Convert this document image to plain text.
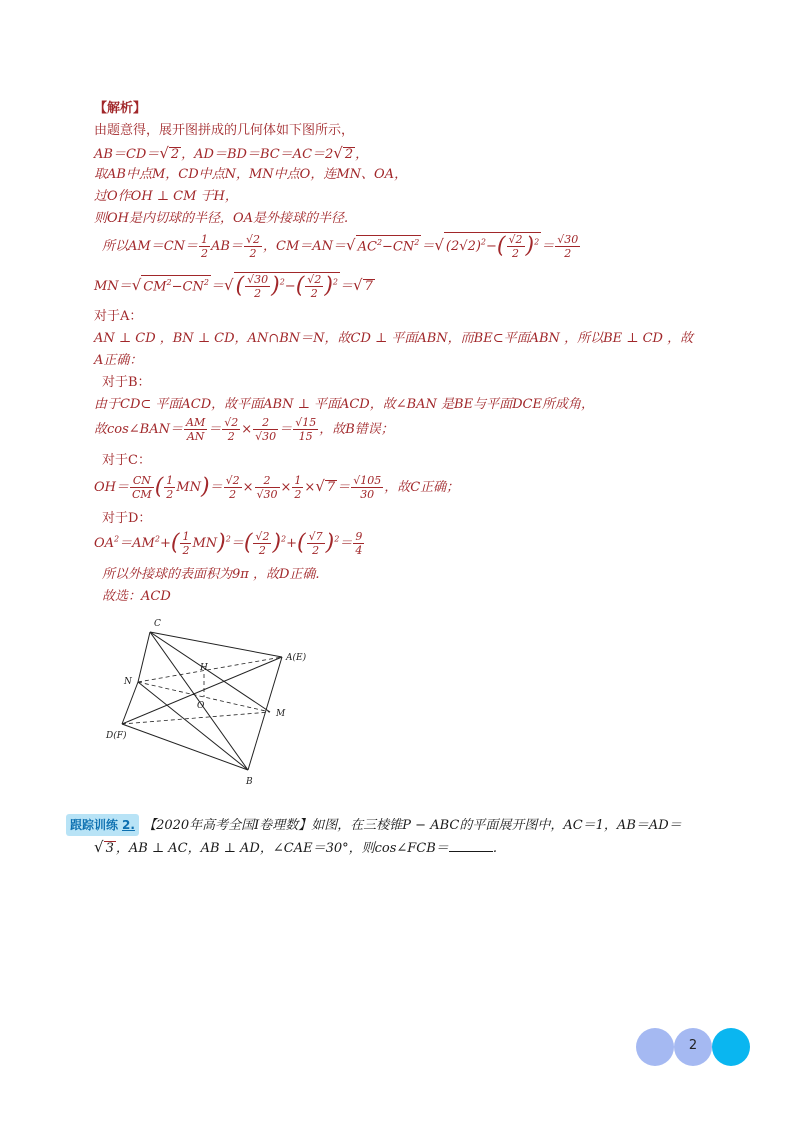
【解析】
由题意得，展开图拼成的几何体如下图所示，
AB＝CD＝√ 2 ，AD＝BD＝BC＝AC＝2√ 2 ，
取AB中点M，CD中点N，MN中点O，连MN、OA，
过O作OH ⊥ CM 于H，
则OH是内切球的半径，OA是外接球的半径.
所以$AM=CN= \frac{1}{2} AB= \frac{√2}{2}$ ，CM＝AN＝√ $AC^2-CN^2$ ＝√ $(2√2)^2-( \frac{√2}{2} )^2 = \frac{√30}{2}$
MN＝√ $CM^2-CN^2$ ＝√( $\frac{√30}{2} )^2-( \frac{√2}{2} )^2$ ＝√ 7
对于A：
AN ⊥ CD ，BN ⊥ CD，AN∩BN＝N，故CD ⊥ 平面ABN，而BE⊂平面ABN ，所以BE ⊥ CD ，故
A正确：
对于B：
由于CD⊂ 平面ACD，故平面ABN ⊥ 平面ACD，故∠BAN 是BE与平面DCE所成角，
故cos∠BAN＝ $\frac{AM}{AN} = \frac{√2}{2} \times \frac{2}{√30} = \frac{√15}{15}$ ，故B错误；
对于C：
$OH= \frac{CN}{CM}$ ( $\frac{1}{2} MN)= \frac{√2}{2} \times \frac{2}{√30} \times \frac{1}{2}$ ×√ $7 = \frac{√105}{30}$ ，故C正确；
对于D：
$OA^2=AM^2+( \frac{1}{2} MN)^2=( \frac{√2}{2} )^2+( \frac{√7}{2} )^2= \frac{9}{4}$
所以外接球的表面积为9π ，故D正确.
故选：ACD
C
A(E)
H
N
O
M
D(F)
B
跟踪训练 2. 【2020年高考全国Ⅰ卷理数】如图，在三棱锥P − ABC的平面展开图中，AC＝1，AB＝AD＝
√ 3 ，AB ⊥ AC，AB ⊥ AD，∠CAE＝30°，则cos∠FCB＝	.
2
